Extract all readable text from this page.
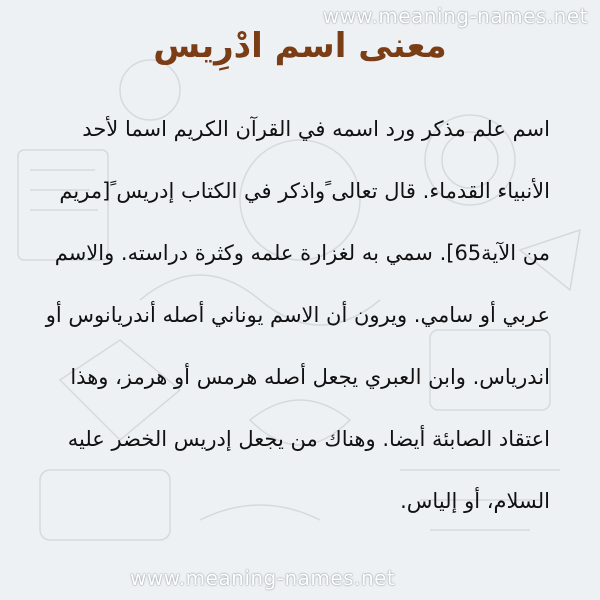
www.meaning-names.net
معنى اسم ادْرِيس

اسم علم مذكر ورد اسمه في القرآن الكريم اسما لأحد الأنبياء القدماء. قال تعالى ًواذكر في الكتاب إدريس ً[مريم من الآية65]. سمي به لغزارة علمه وكثرة دراسته. والاسم عربي أو سامي. ويرون أن الاسم يوناني أصله أندريانوس أو اندرياس. وابن العبري يجعل أصله هرمس أو هرمز، وهذا اعتقاد الصابئة أيضا. وهناك من يجعل إدريس الخضر عليه السلام، أو إلياس.

www.meaning-names.net
